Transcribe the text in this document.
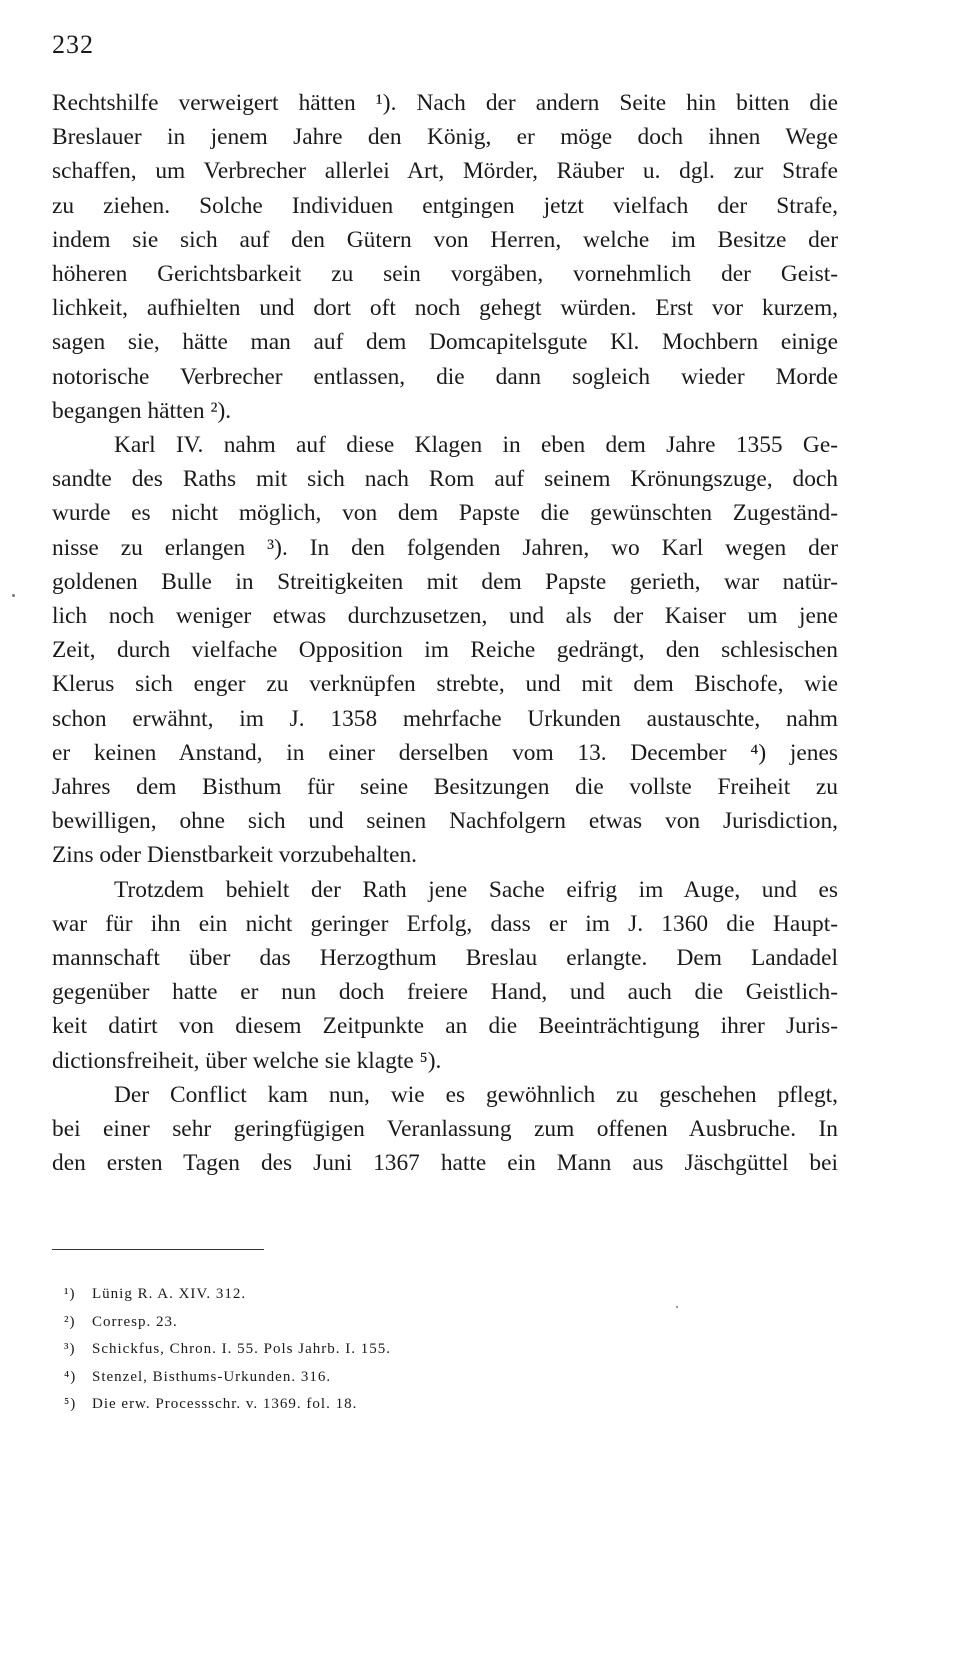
232
Rechtshilfe verweigert hätten ¹). Nach der andern Seite hin bitten die
Breslauer in jenem Jahre den König, er möge doch ihnen Wege
schaffen, um Verbrecher allerlei Art, Mörder, Räuber u. dgl. zur Strafe
zu ziehen. Solche Individuen entgingen jetzt vielfach der Strafe,
indem sie sich auf den Gütern von Herren, welche im Besitze der
höheren Gerichtsbarkeit zu sein vorgäben, vornehmlich der Geist-
lichkeit, aufhielten und dort oft noch gehegt würden. Erst vor kurzem,
sagen sie, hätte man auf dem Domcapitelsgute Kl. Mochbern einige
notorische Verbrecher entlassen, die dann sogleich wieder Morde
begangen hätten ²).
Karl IV. nahm auf diese Klagen in eben dem Jahre 1355 Ge-
sandte des Raths mit sich nach Rom auf seinem Krönungszuge, doch
wurde es nicht möglich, von dem Papste die gewünschten Zugeständ-
nisse zu erlangen ³). In den folgenden Jahren, wo Karl wegen der
goldenen Bulle in Streitigkeiten mit dem Papste gerieth, war natür-
lich noch weniger etwas durchzusetzen, und als der Kaiser um jene
Zeit, durch vielfache Opposition im Reiche gedrängt, den schlesischen
Klerus sich enger zu verknüpfen strebte, und mit dem Bischofe, wie
schon erwähnt, im J. 1358 mehrfache Urkunden austauschte, nahm
er keinen Anstand, in einer derselben vom 13. December ⁴) jenes
Jahres dem Bisthum für seine Besitzungen die vollste Freiheit zu
bewilligen, ohne sich und seinen Nachfolgern etwas von Jurisdiction,
Zins oder Dienstbarkeit vorzubehalten.
Trotzdem behielt der Rath jene Sache eifrig im Auge, und es
war für ihn ein nicht geringer Erfolg, dass er im J. 1360 die Haupt-
mannschaft über das Herzogthum Breslau erlangte. Dem Landadel
gegenüber hatte er nun doch freiere Hand, und auch die Geistlich-
keit datirt von diesem Zeitpunkte an die Beeinträchtigung ihrer Juris-
dictionsfreiheit, über welche sie klagte ⁵).
Der Conflict kam nun, wie es gewöhnlich zu geschehen pflegt,
bei einer sehr geringfügigen Veranlassung zum offenen Ausbruche. In
den ersten Tagen des Juni 1367 hatte ein Mann aus Jäschgüttel bei
¹) Lünig R. A. XIV. 312.
²) Corresp. 23.
³) Schickfus, Chron. I. 55. Pols Jahrb. I. 155.
⁴) Stenzel, Bisthums-Urkunden. 316.
⁵) Die erw. Processschr. v. 1369. fol. 18.
